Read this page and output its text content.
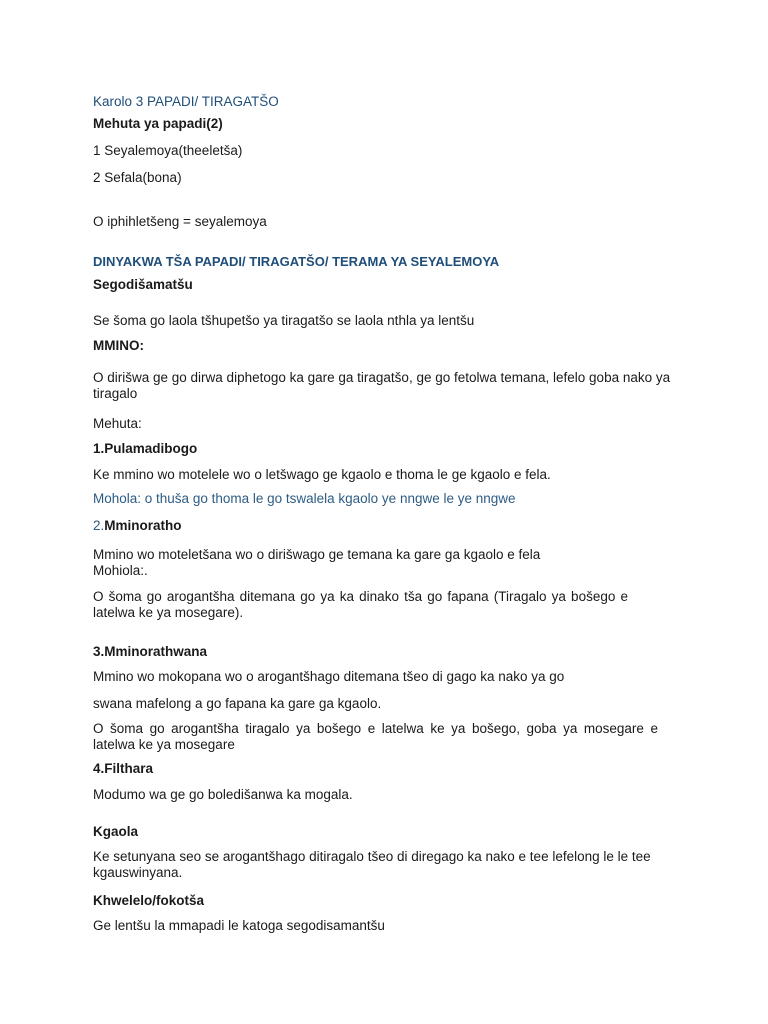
Karolo 3 PAPADI/ TIRAGATŠO
Mehuta ya papadi(2)
1 Seyalemoya(theeletša)
2 Sefala(bona)
O iphihletšeng = seyalemoya
DINYAKWA TŠA PAPADI/ TIRAGATŠO/ TERAMA YA SEYALEMOYA
Segodišamatšu
Se šoma go laola tšhupetšo ya tiragatšo se laola nthla ya lentšu
MMINO:
O dirišwa ge go dirwa diphetogo ka gare ga tiragatšo, ge go fetolwa temana, lefelo goba nako ya tiragalo
Mehuta:
1.Pulamadibogo
Ke mmino wo motelele wo o letšwago ge kgaolo e thoma le ge kgaolo e fela.
Mohola: o thuša go thoma le go tswalela kgaolo ye nngwe le ye nngwe
2.Mminoratho
Mmino wo moteletšana wo o dirišwago ge temana ka gare ga kgaolo e fela
Mohiola:.
O šoma go arogantšha ditemana go ya ka dinako tša go fapana (Tiragalo ya bošego e latelwa ke ya mosegare).
3.Mminorathwana
Mmino wo mokopana wo o arogantšhago ditemana tšeo di gago ka nako ya go
swana mafelong a go fapana ka gare ga kgaolo.
O šoma go arogantšha tiragalo ya bošego e latelwa ke ya bošego, goba ya mosegare e latelwa ke ya mosegare
4.Filthara
Modumo wa ge go boledišanwa ka mogala.
Kgaola
Ke setunyana seo se arogantšhago ditiragalo tšeo di diregago ka nako e tee lefelong le le tee kgauswinyana.
Khwelelo/fokotša
Ge lentšu la mmapadi le katoga segodisamantšu
